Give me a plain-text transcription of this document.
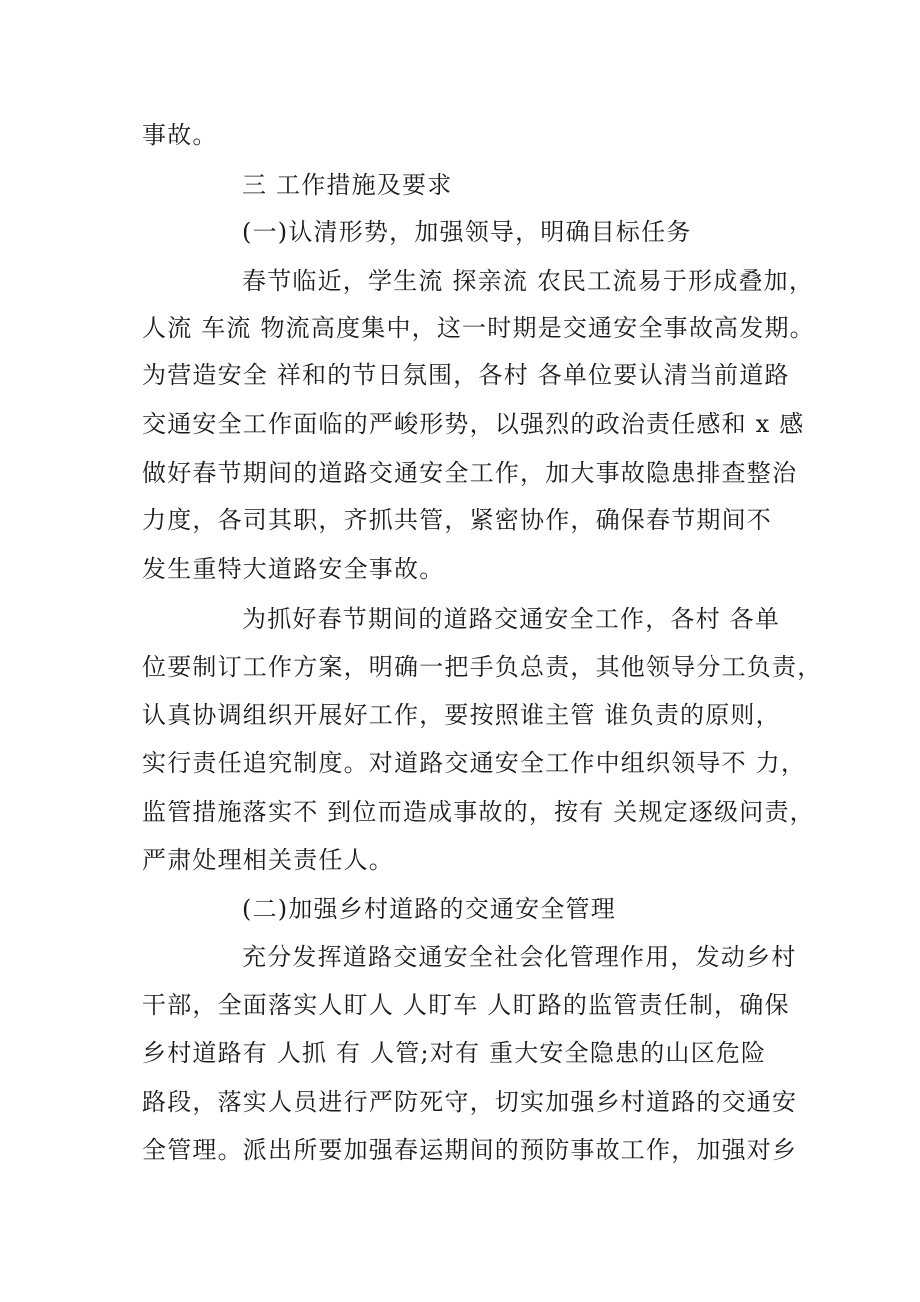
事故。
三 工作措施及要求
(一)认清形势，加强领导，明确目标任务
春节临近，学生流 探亲流 农民工流易于形成叠加，
人流 车流 物流高度集中，这一时期是交通安全事故高发期。
为营造安全 祥和的节日氛围，各村 各单位要认清当前道路
交通安全工作面临的严峻形势，以强烈的政治责任感和 x 感
做好春节期间的道路交通安全工作，加大事故隐患排查整治
力度，各司其职，齐抓共管，紧密协作，确保春节期间不
发生重特大道路安全事故。
为抓好春节期间的道路交通安全工作，各村 各单
位要制订工作方案，明确一把手负总责，其他领导分工负责，
认真协调组织开展好工作，要按照谁主管 谁负责的原则，
实行责任追究制度。对道路交通安全工作中组织领导不 力，
监管措施落实不 到位而造成事故的，按有 关规定逐级问责，
严肃处理相关责任人。
(二)加强乡村道路的交通安全管理
充分发挥道路交通安全社会化管理作用，发动乡村
干部，全面落实人盯人 人盯车 人盯路的监管责任制，确保
乡村道路有 人抓 有 人管;对有 重大安全隐患的山区危险
路段，落实人员进行严防死守，切实加强乡村道路的交通安
全管理。派出所要加强春运期间的预防事故工作，加强对乡
